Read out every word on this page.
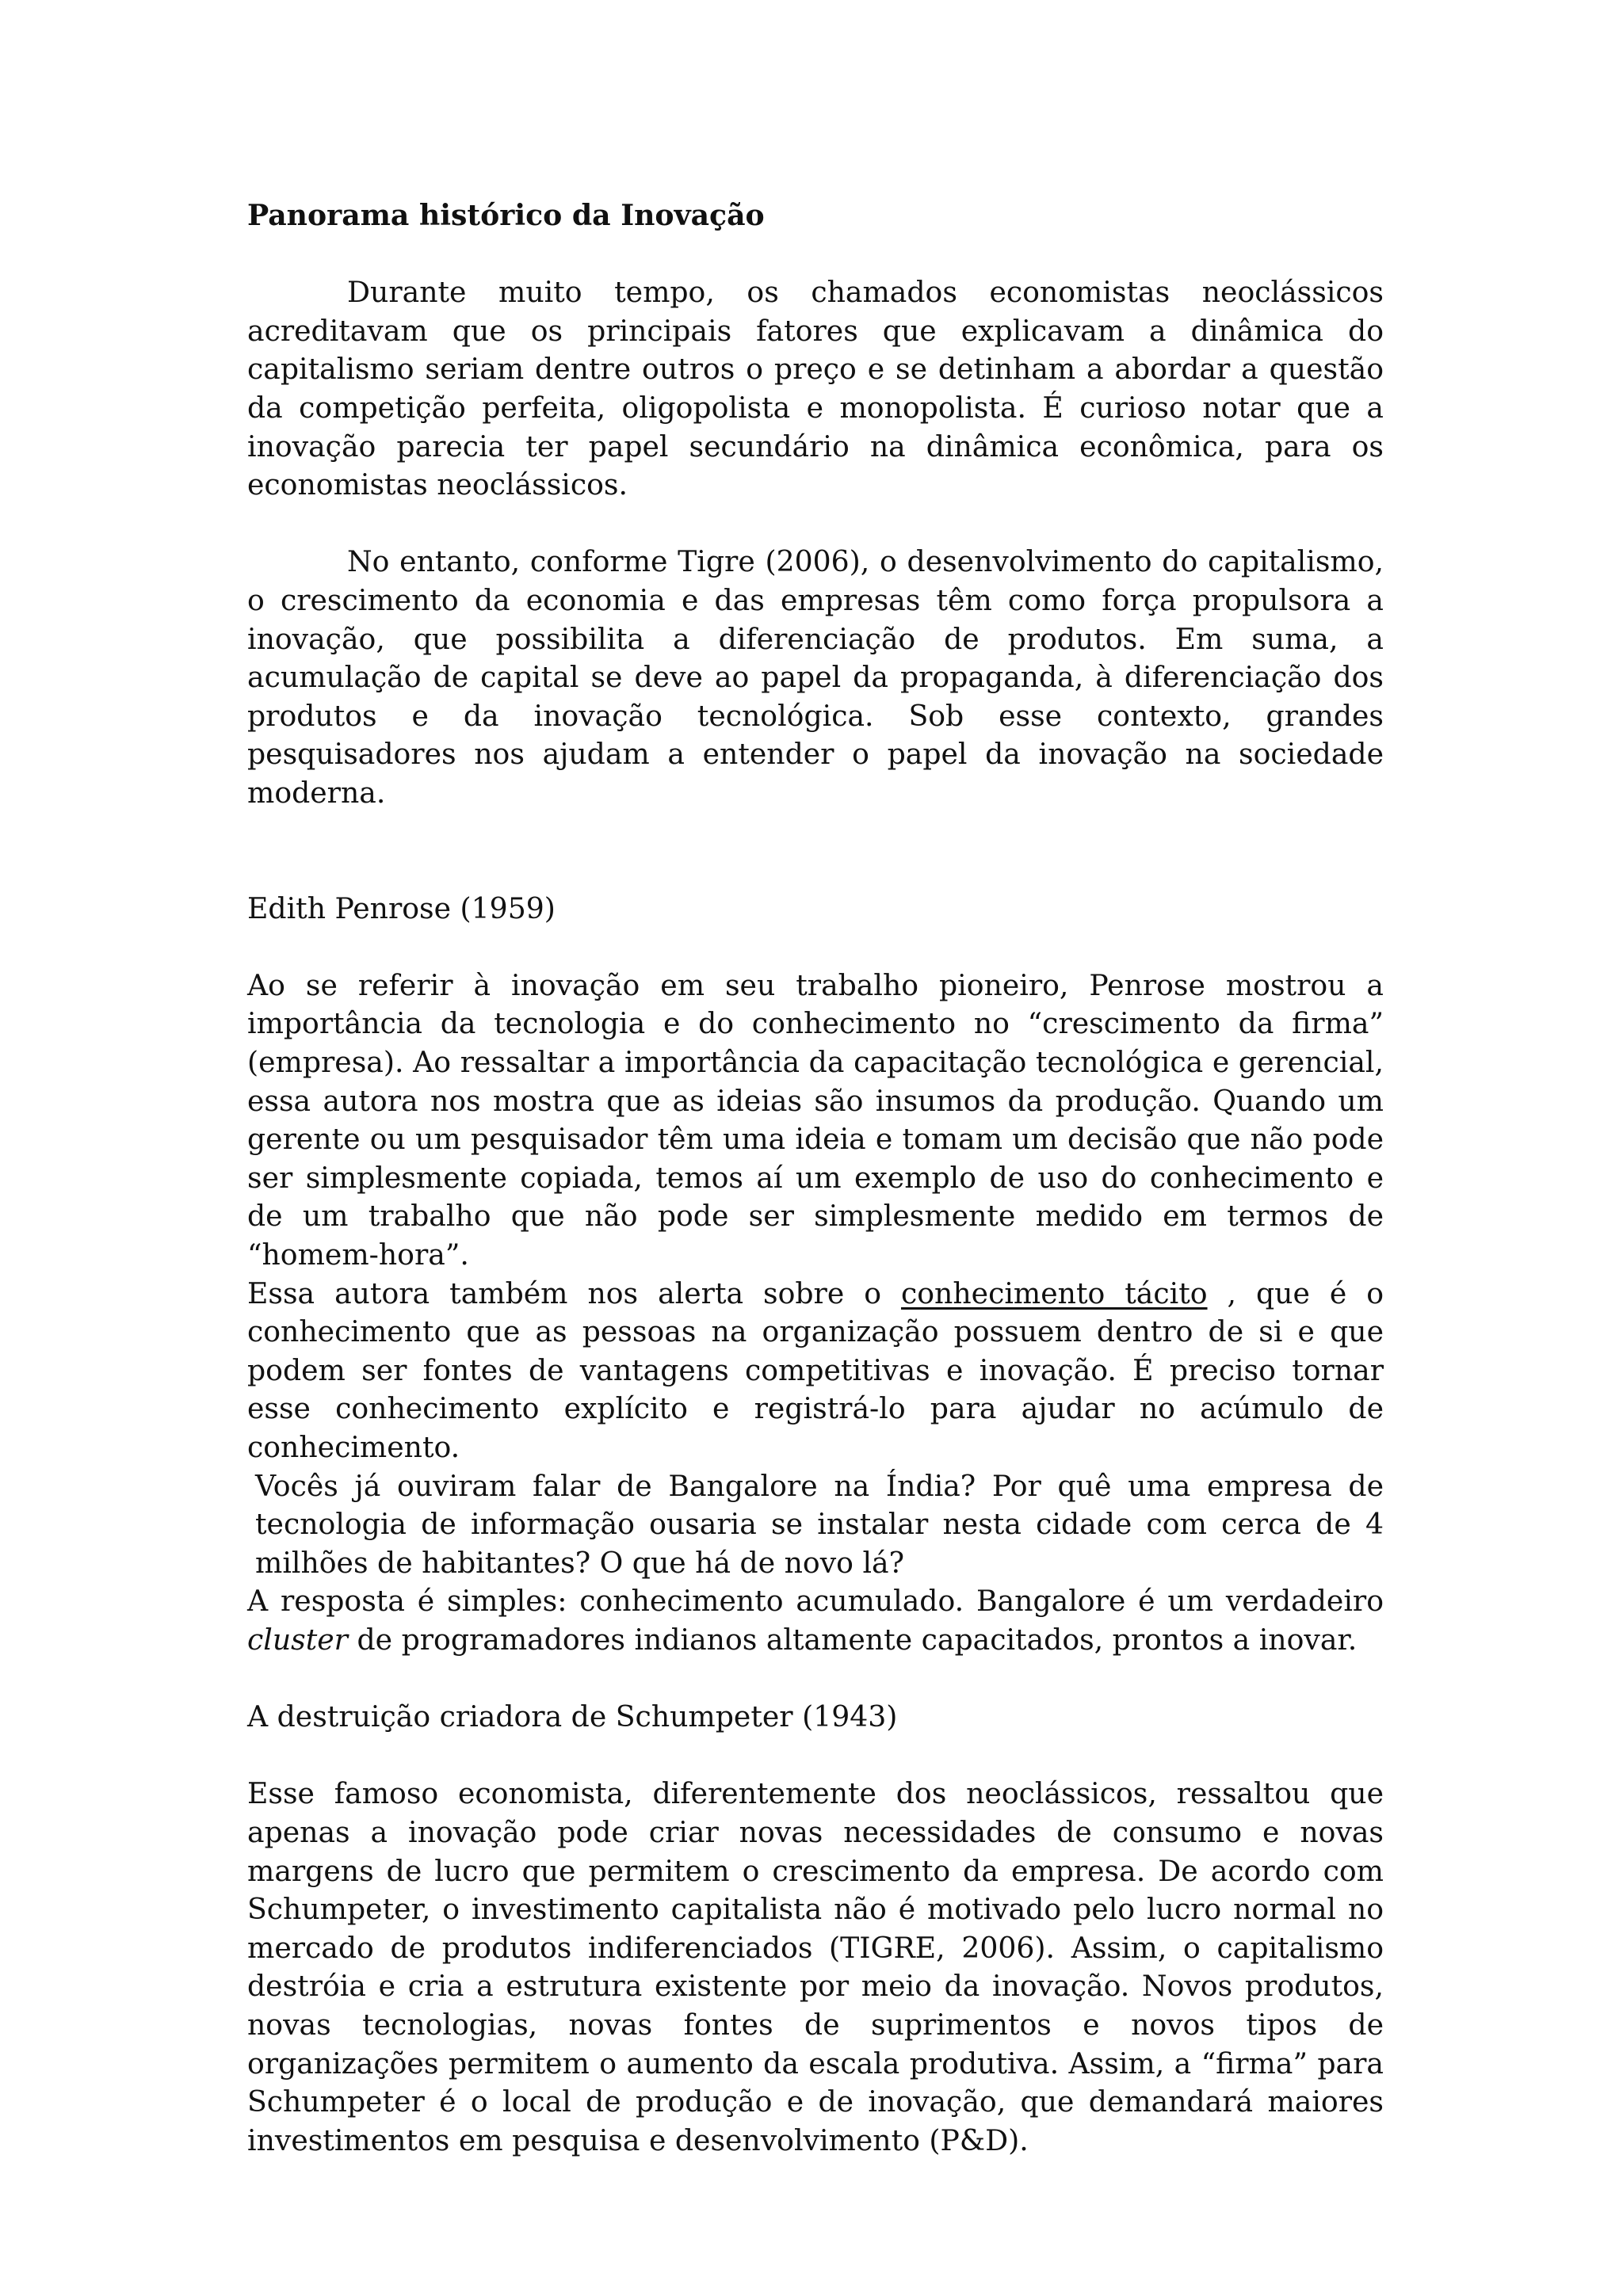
Panorama histórico da Inovação

Durante muito tempo, os chamados economistas neoclássicos acreditavam que os principais fatores que explicavam a dinâmica do capitalismo seriam dentre outros o preço e se detinham a abordar a questão da competição perfeita, oligopolista e monopolista. É curioso notar que a inovação parecia ter papel secundário na dinâmica econômica, para os economistas neoclássicos.

No entanto, conforme Tigre (2006), o desenvolvimento do capitalismo, o crescimento da economia e das empresas têm como força propulsora a inovação, que possibilita a diferenciação de produtos. Em suma, a acumulação de capital se deve ao papel da propaganda, à diferenciação dos produtos e da inovação tecnológica. Sob esse contexto, grandes pesquisadores nos ajudam a entender o papel da inovação na sociedade moderna.

Edith Penrose (1959)

Ao se referir à inovação em seu trabalho pioneiro, Penrose mostrou a importância da tecnologia e do conhecimento no “crescimento da firma” (empresa). Ao ressaltar a importância da capacitação tecnológica e gerencial, essa autora nos mostra que as ideias são insumos da produção. Quando um gerente ou um pesquisador têm uma ideia e tomam um decisão que não pode ser simplesmente copiada, temos aí um exemplo de uso do conhecimento e de um trabalho que não pode ser simplesmente medido em termos de “homem-hora”.

Essa autora também nos alerta sobre o conhecimento tácito , que é o conhecimento que as pessoas na organização possuem dentro de si e que podem ser fontes de vantagens competitivas e inovação. É preciso tornar esse conhecimento explícito e registrá-lo para ajudar no acúmulo de conhecimento.

Vocês já ouviram falar de Bangalore na Índia? Por quê uma empresa de tecnologia de informação ousaria se instalar nesta cidade com cerca de 4 milhões de habitantes? O que há de novo lá?

A resposta é simples: conhecimento acumulado. Bangalore é um verdadeiro cluster de programadores indianos altamente capacitados, prontos a inovar.

A destruição criadora de Schumpeter (1943)

Esse famoso economista, diferentemente dos neoclássicos, ressaltou que apenas a inovação pode criar novas necessidades de consumo e novas margens de lucro que permitem o crescimento da empresa. De acordo com Schumpeter, o investimento capitalista não é motivado pelo lucro normal no mercado de produtos indiferenciados (TIGRE, 2006). Assim, o capitalismo destróia e cria a estrutura existente por meio da inovação. Novos produtos, novas tecnologias, novas fontes de suprimentos e novos tipos de organizações permitem o aumento da escala produtiva. Assim, a “firma” para Schumpeter é o local de produção e de inovação, que demandará maiores investimentos em pesquisa e desenvolvimento (P&D).
